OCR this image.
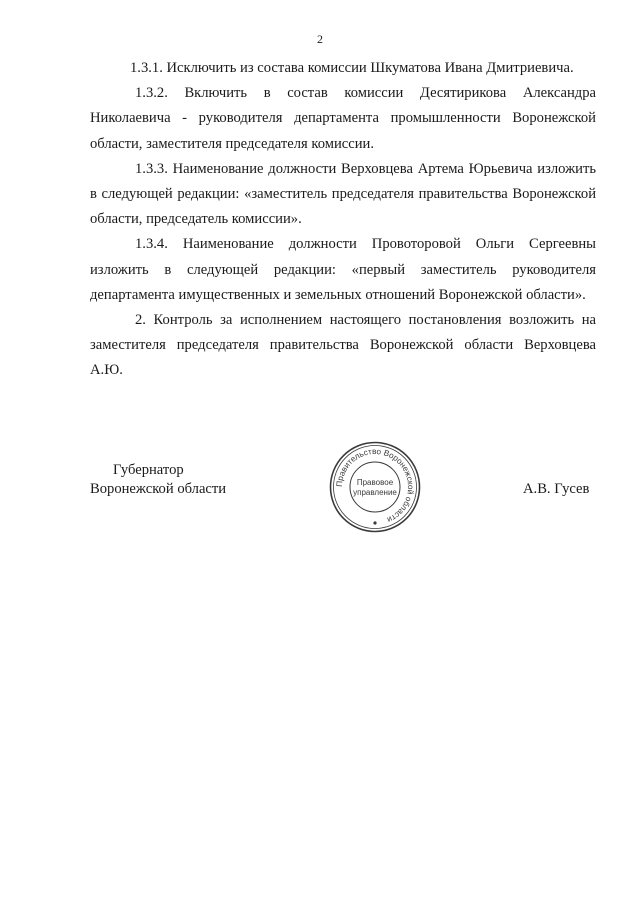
2

1.3.1. Исключить из состава комиссии Шкуматова Ивана Дмитриевича.

1.3.2. Включить в состав комиссии Десятирикова Александра Николаевича - руководителя департамента промышленности Воронежской области, заместителя председателя комиссии.

1.3.3. Наименование должности Верховцева Артема Юрьевича изложить в следующей редакции: «заместитель председателя правительства Воронежской области, председатель комиссии».

1.3.4. Наименование должности Провоторовой Ольги Сергеевны изложить в следующей редакции: «первый заместитель руководителя департамента имущественных и земельных отношений Воронежской области».

2. Контроль за исполнением настоящего постановления возложить на заместителя председателя правительства Воронежской области Верховцева А.Ю.

Губернатор
Воронежской области	Правительство Воронежской области
Правовое
управление	А.В. Гусев
